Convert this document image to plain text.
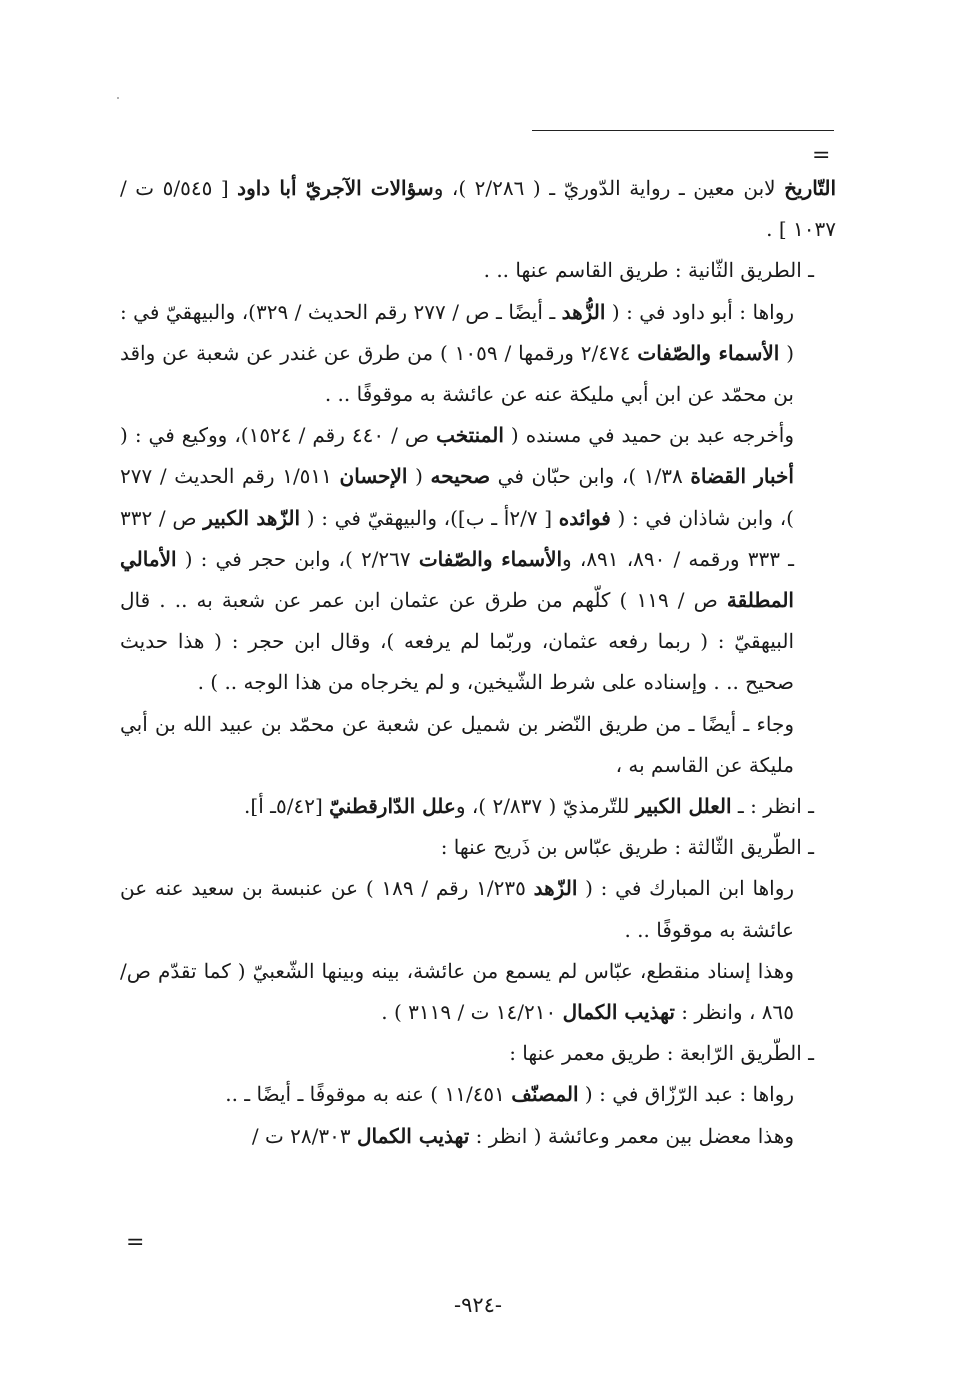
=

التّاريخ لابن معين ـ رواية الدّوريّ ـ ( ٢/٢٨٦ )، وسؤالات الآجريّ أبا داود [ ٥/٥٤٥ ت / ١٠٣٧ ] .

ـ الطريق الثّانية : طريق القاسم عنها .. .

رواها : أبو داود في : ( الزُّهد ـ أيضًا ـ ص / ٢٧٧ رقم الحديث / ٣٢٩)، والبيهقيّ في : ( الأسماء والصّفات ٢/٤٧٤ ورقمها / ١٠٥٩ ) من طرق عن غندر عن شعبة عن واقد بن محمّد عن ابن أبي مليكة عنه عن عائشة به موقوفًا .. .

وأخرجه عبد بن حميد في مسنده ( المنتخب ص / ٤٤٠ رقم / ١٥٢٤)، ووكيع في : ( أخبار القضاة ١/٣٨ )، وابن حبّان في صحيحه ( الإحسان ١/٥١١ رقم الحديث / ٢٧٧ )، وابن شاذان في : ( فوائده [ ٢/٧أ ـ ب])، والبيهقيّ في : ( الزّهد الكبير ص / ٣٣٢ ـ ٣٣٣ ورقمه / ٨٩٠، ٨٩١، والأسماء والصّفات ٢/٢٦٧ )، وابن حجر في : ( الأمالي المطلقة ص / ١١٩ ) كلّهم من طرق عن عثمان ابن عمر عن شعبة به .. . قال البيهقيّ : ( ربما رفعه عثمان، وربّما لم يرفعه )، وقال ابن حجر : ( هذا حديث صحيح .. . وإسناده على شرط الشّيخين، و لم يخرجاه من هذا الوجه .. ) .

وجاء ـ أيضًا ـ من طريق النّضر بن شميل عن شعبة عن محمّد بن عبيد الله بن أبي مليكة عن القاسم به ،

ـ انظر : ـ العلل الكبير للتّرمذيّ ( ٢/٨٣٧ )، وعلل الدّارقطنيّ [٥/٤٢ـ أ].

ـ الطّريق الثّالثة : طريق عبّاس بن ذَريح عنها :

رواها ابن المبارك في : ( الزّهد ١/٢٣٥ رقم / ١٨٩ ) عن عنبسة بن سعيد عنه عن عائشة به موقوفًا .. .

وهذا إسناد منقطع، عبّاس لم يسمع من عائشة، بينه وبينها الشّعبيّ ( كما تقدّم ص/ ٨٦٥ ، وانظر : تهذيب الكمال ١٤/٢١٠ ت / ٣١١٩ ) .

ـ الطّريق الرّابعة : طريق معمر عنها :

رواها : عبد الرّزّاق في : ( المصنّف ١١/٤٥١ ) عنه به موقوفًا ـ أيضًا ـ ..

وهذا معضل بين معمر وعائشة ( انظر : تهذيب الكمال ٢٨/٣٠٣ ت /

=
-٩٢٤-
